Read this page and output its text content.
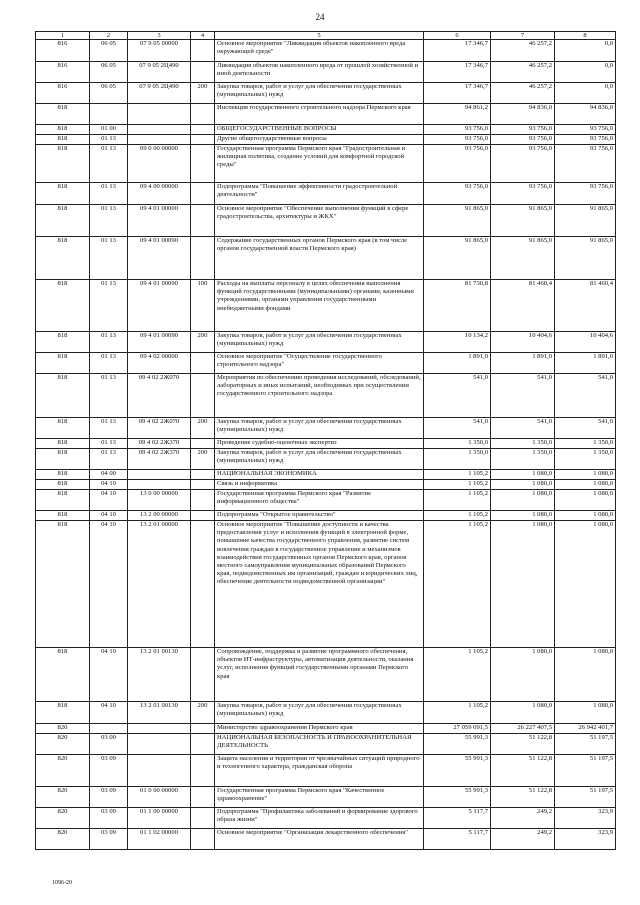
24
1	2	3	4	5	6	7	8
816	06 05	07 9 05 00000		Основное мероприятие "Ликвидация объектов накопленного вреда окружающей среде"	17 346,7	46 257,2	0,0
816	06 05	07 9 05 2Ц490		Ликвидация объектов накопленного вреда от прошлой хозяйственной и иной деятельности	17 346,7	46 257,2	0,0
816	06 05	07 9 05 2Ц490	200	Закупка товаров, работ и услуг для обеспечения государственных (муниципальных) нужд	17 346,7	46 257,2	0,0
818				Инспекция государственного строительного надзора Пермского края	94 861,2	94 836,0	94 836,0
818	01 00			ОБЩЕГОСУДАРСТВЕННЫЕ ВОПРОСЫ	93 756,0	93 756,0	93 756,0
818	01 13			Другие общегосударственные вопросы	93 756,0	93 756,0	93 756,0
818	01 13	09 0 00 00000		Государственная программа Пермского края "Градостроительная и жилищная политика, создание условий для комфортной городской среды"	93 756,0	93 756,0	93 756,0
818	01 13	09 4 00 00000		Подпрограмма "Повышение эффективности градостроительной деятельности"	93 756,0	93 756,0	93 756,0
818	01 13	09 4 01 00000		Основное мероприятие "Обеспечение выполнения функций в сфере градостроительства, архитектуры и ЖКХ"	91 865,0	91 865,0	91 865,0
818	01 13	09 4 01 00090		Содержание государственных органов Пермского края (в том числе органов государственной власти Пермского края)	91 865,0	91 865,0	91 865,0
818	01 13	09 4 01 00090	100	Расходы на выплаты персоналу в целях обеспечения выполнения функций государственными (муниципальными) органами, казенными учреждениями, органами управления государственными внебюджетными фондами	81 730,8	81 460,4	81 460,4
818	01 13	09 4 01 00090	200	Закупка товаров, работ и услуг для обеспечения государственных (муниципальных) нужд	10 134,2	10 404,6	10 404,6
818	01 13	09 4 02 00000		Основное мероприятие "Осуществление государственного строительного надзора"	1 891,0	1 891,0	1 891,0
818	01 13	09 4 02 2Ж070		Мероприятия по обеспечению проведения исследований, обследований, лабораторных и иных испытаний, необходимых при осуществлении государственного строительного надзора	541,0	541,0	541,0
818	01 13	09 4 02 2Ж070	200	Закупка товаров, работ и услуг для обеспечения государственных (муниципальных) нужд	541,0	541,0	541,0
818	01 13	09 4 02 2Ж370		Проведение судебно-оценочных экспертиз	1 350,0	1 350,0	1 350,0
818	01 13	09 4 02 2Ж370	200	Закупка товаров, работ и услуг для обеспечения государственных (муниципальных) нужд	1 350,0	1 350,0	1 350,0
818	04 00			НАЦИОНАЛЬНАЯ ЭКОНОМИКА	1 105,2	1 080,0	1 080,0
818	04 10			Связь и информатика	1 105,2	1 080,0	1 080,0
818	04 10	13 0 00 00000		Государственная программа Пермского края "Развитие информационного общества"	1 105,2	1 080,0	1 080,0
818	04 10	13 2 00 00000		Подпрограмма "Открытое правительство"	1 105,2	1 080,0	1 080,0
818	04 10	13 2 01 00000		Основное мероприятие "Повышение доступности и качества предоставления услуг и исполнения функций в электронной форме, повышение качества государственного управления, развитие систем вовлечения граждан в государственное управление и механизмов взаимодействия государственных органов Пермского края, органов местного самоуправления муниципальных образований Пермского края, подведомственных им организаций, граждан и юридических лиц, обеспечение деятельности подведомственной организации"	1 105,2	1 080,0	1 080,0
818	04 10	13 2 01 00130		Сопровождение, поддержка и развитие программного обеспечения, объектов ИТ-инфраструктуры, автоматизация деятельности, оказания услуг, исполнения функций государственными органами Пермского края	1 105,2	1 080,0	1 080,0
818	04 10	13 2 01 00130	200	Закупка товаров, работ и услуг для обеспечения государственных (муниципальных) нужд	1 105,2	1 080,0	1 080,0
820				Министерство здравоохранения Пермского края	27 059 091,5	26 227 407,5	26 942 401,7
820	03 00			НАЦИОНАЛЬНАЯ БЕЗОПАСНОСТЬ И ПРАВООХРАНИТЕЛЬНАЯ ДЕЯТЕЛЬНОСТЬ	55 991,3	51 122,8	51 197,5
820	03 09			Защита населения и территории от чрезвычайных ситуаций природного и техногенного характера, гражданская оборона	55 991,3	51 122,8	51 197,5
820	03 09	01 0 00 00000		Государственная программа Пермского края "Качественное здравоохранение"	55 991,3	51 122,8	51 197,5
820	03 09	01 1 00 00000		Подпрограмма "Профилактика заболеваний и формирование здорового образа жизни"	5 117,7	249,2	323,9
820	03 09	01 1 02 00000		Основное мероприятие "Организация лекарственного обеспечения"	5 117,7	249,2	323,9
1096-20
